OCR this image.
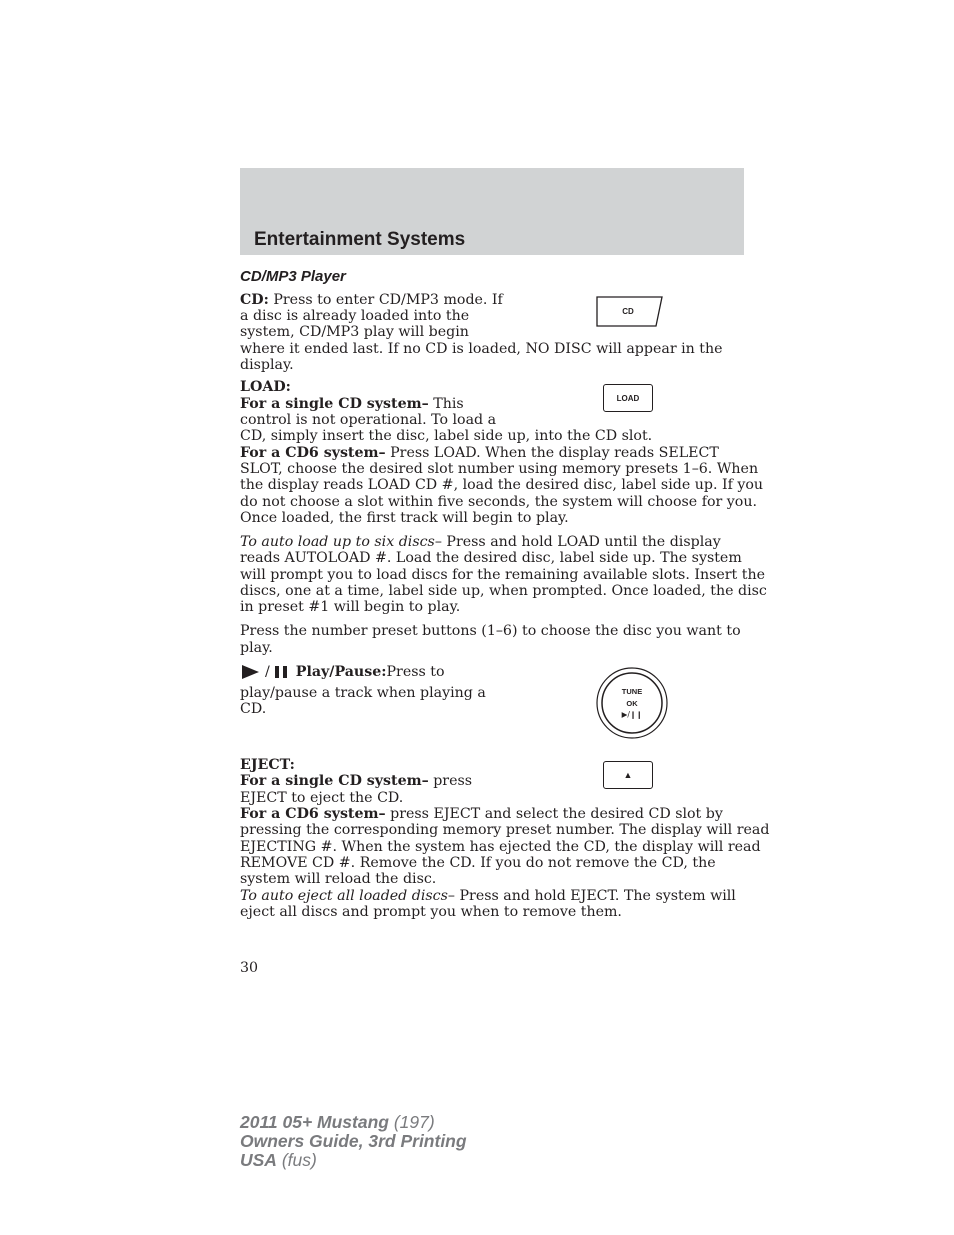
Entertainment Systems
CD/MP3 Player

CD: Press to enter CD/MP3 mode. If

a disc is already loaded into the

system, CD/MP3 play will begin

where it ended last. If no CD is loaded, NO DISC will appear in the

display.

CD

LOAD:

For a single CD system– This

control is not operational. To load a

CD, simply insert the disc, label side up, into the CD slot.

For a CD6 system– Press LOAD. When the display reads SELECT

SLOT, choose the desired slot number using memory presets 1–6. When

the display reads LOAD CD #, load the desired disc, label side up. If you

do not choose a slot within five seconds, the system will choose for you.

Once loaded, the first track will begin to play.

LOAD

To auto load up to six discs– Press and hold LOAD until the display

reads AUTOLOAD #. Load the desired disc, label side up. The system

will prompt you to load discs for the remaining available slots. Insert the

discs, one at a time, label side up, when prompted. Once loaded, the disc

in preset #1 will begin to play.

Press the number preset buttons (1–6) to choose the disc you want to

play.

/ Play/Pause: Press to

play/pause a track when playing a

CD.

TUNE
OK
▶/❙❙

EJECT:

For a single CD system– press

EJECT to eject the CD.

For a CD6 system– press EJECT and select the desired CD slot by

pressing the corresponding memory preset number. The display will read

EJECTING #. When the system has ejected the CD, the display will read

REMOVE CD #. Remove the CD. If you do not remove the CD, the

system will reload the disc.

To auto eject all loaded discs– Press and hold EJECT. The system will

eject all discs and prompt you when to remove them.

▲
30
2011 05+ Mustang (197)
Owners Guide, 3rd Printing
USA (fus)
